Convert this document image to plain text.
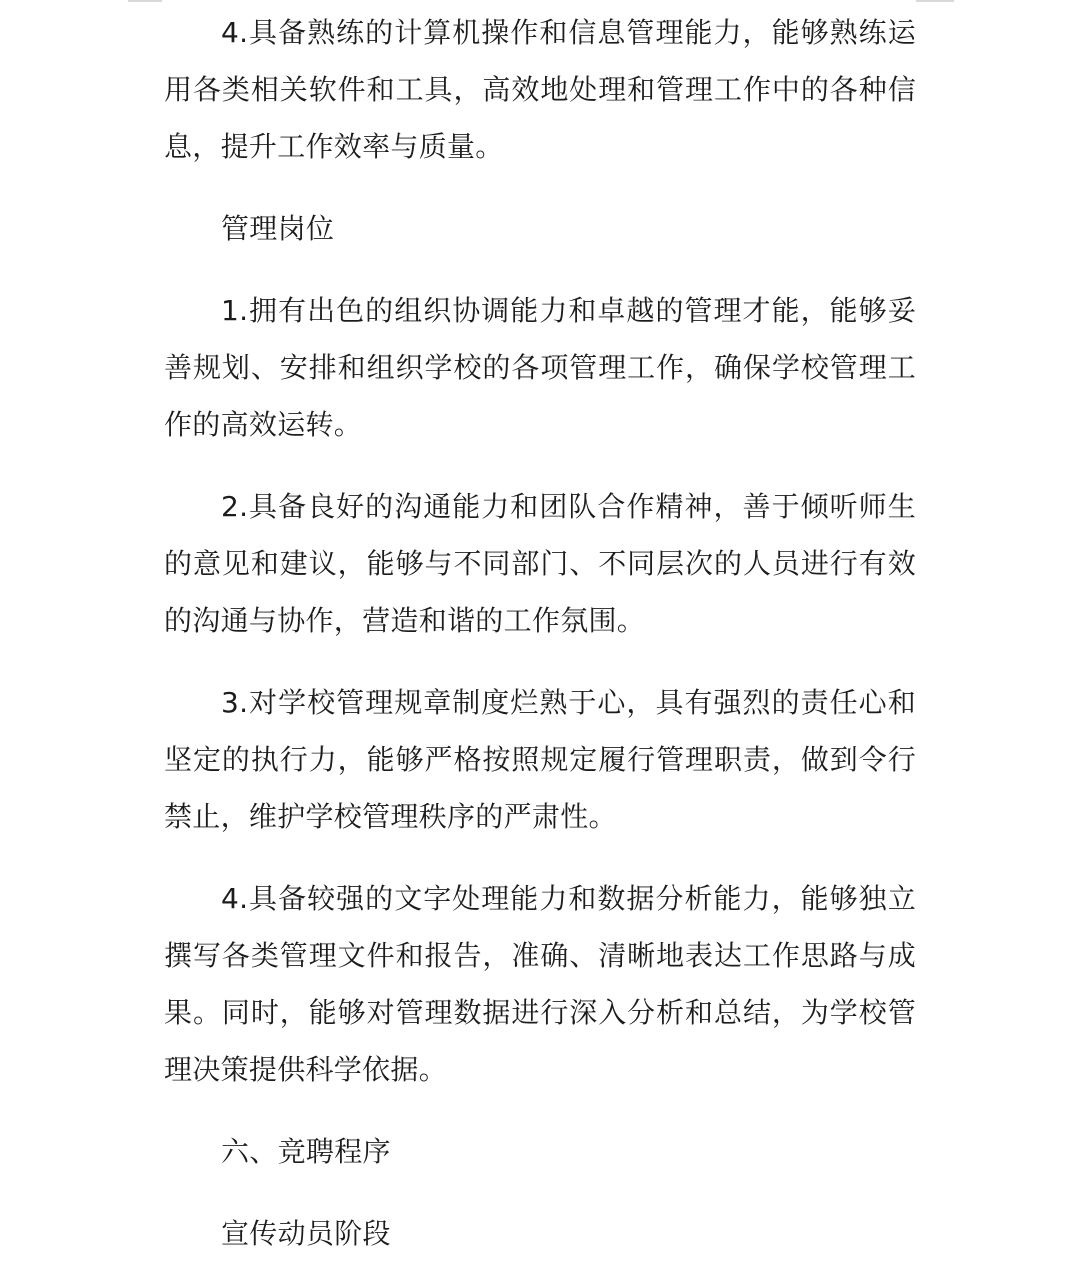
4.具备熟练的计算机操作和信息管理能力，能够熟练运用各类相关软件和工具，高效地处理和管理工作中的各种信息，提升工作效率与质量。

管理岗位

1.拥有出色的组织协调能力和卓越的管理才能，能够妥善规划、安排和组织学校的各项管理工作，确保学校管理工作的高效运转。

2.具备良好的沟通能力和团队合作精神，善于倾听师生的意见和建议，能够与不同部门、不同层次的人员进行有效的沟通与协作，营造和谐的工作氛围。

3.对学校管理规章制度烂熟于心，具有强烈的责任心和坚定的执行力，能够严格按照规定履行管理职责，做到令行禁止，维护学校管理秩序的严肃性。

4.具备较强的文字处理能力和数据分析能力，能够独立撰写各类管理文件和报告，准确、清晰地表达工作思路与成果。同时，能够对管理数据进行深入分析和总结，为学校管理决策提供科学依据。

六、竞聘程序

宣传动员阶段
